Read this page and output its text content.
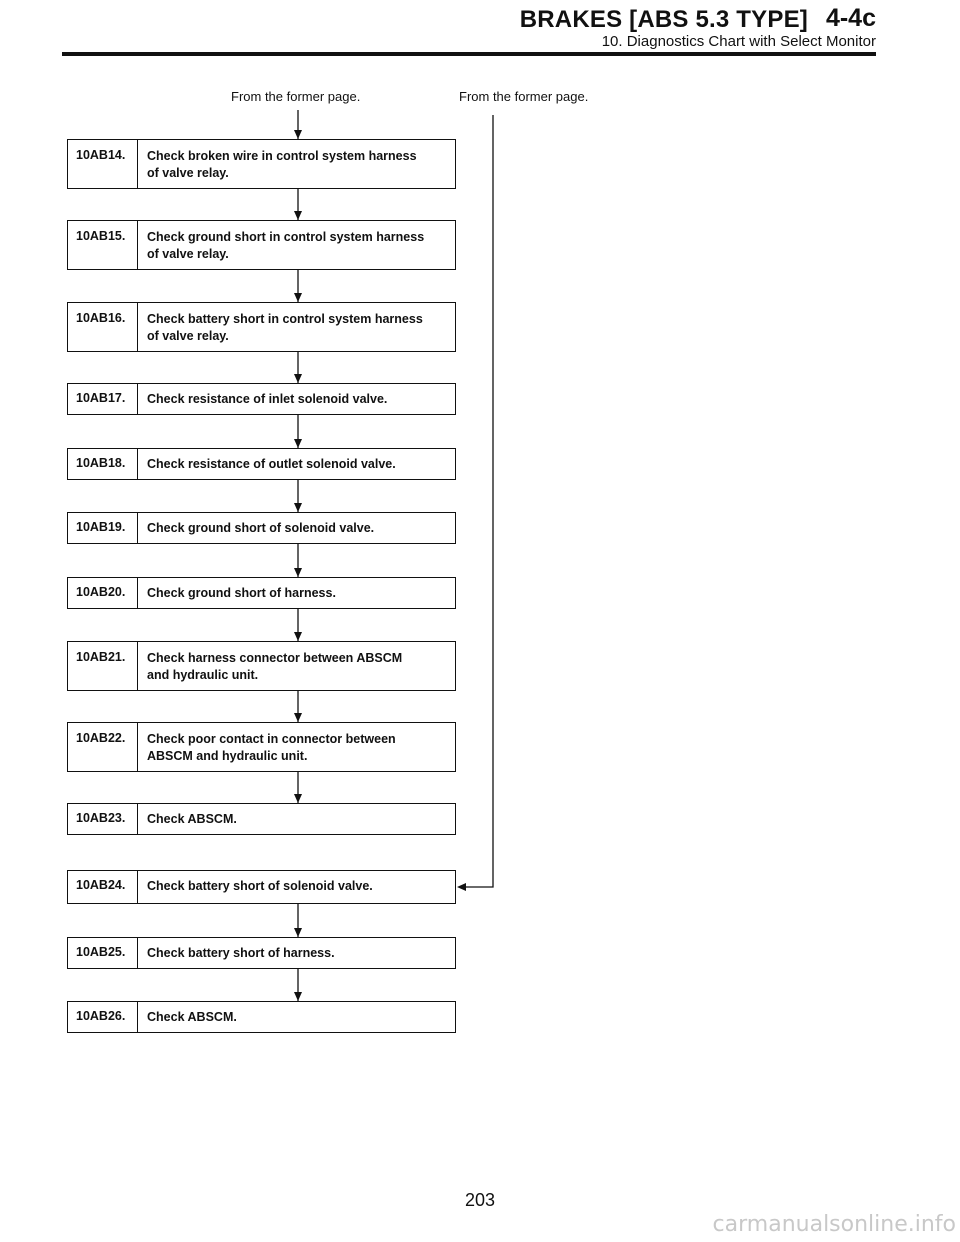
4-4c
BRAKES [ABS 5.3 TYPE]
10. Diagnostics Chart with Select Monitor
From the former page.	From the former page.
10AB14.	Check broken wire in control system harness
of valve relay.
10AB15.	Check ground short in control system harness
of valve relay.
10AB16.	Check battery short in control system harness
of valve relay.
10AB17.	Check resistance of inlet solenoid valve.
10AB18.	Check resistance of outlet solenoid valve.
10AB19.	Check ground short of solenoid valve.
10AB20.	Check ground short of harness.
10AB21.	Check harness connector between ABSCM
and hydraulic unit.
10AB22.	Check poor contact in connector between
ABSCM and hydraulic unit.
10AB23.	Check ABSCM.
10AB24.	Check battery short of solenoid valve.
10AB25.	Check battery short of harness.
10AB26.	Check ABSCM.
203
carmanualsonline.info
